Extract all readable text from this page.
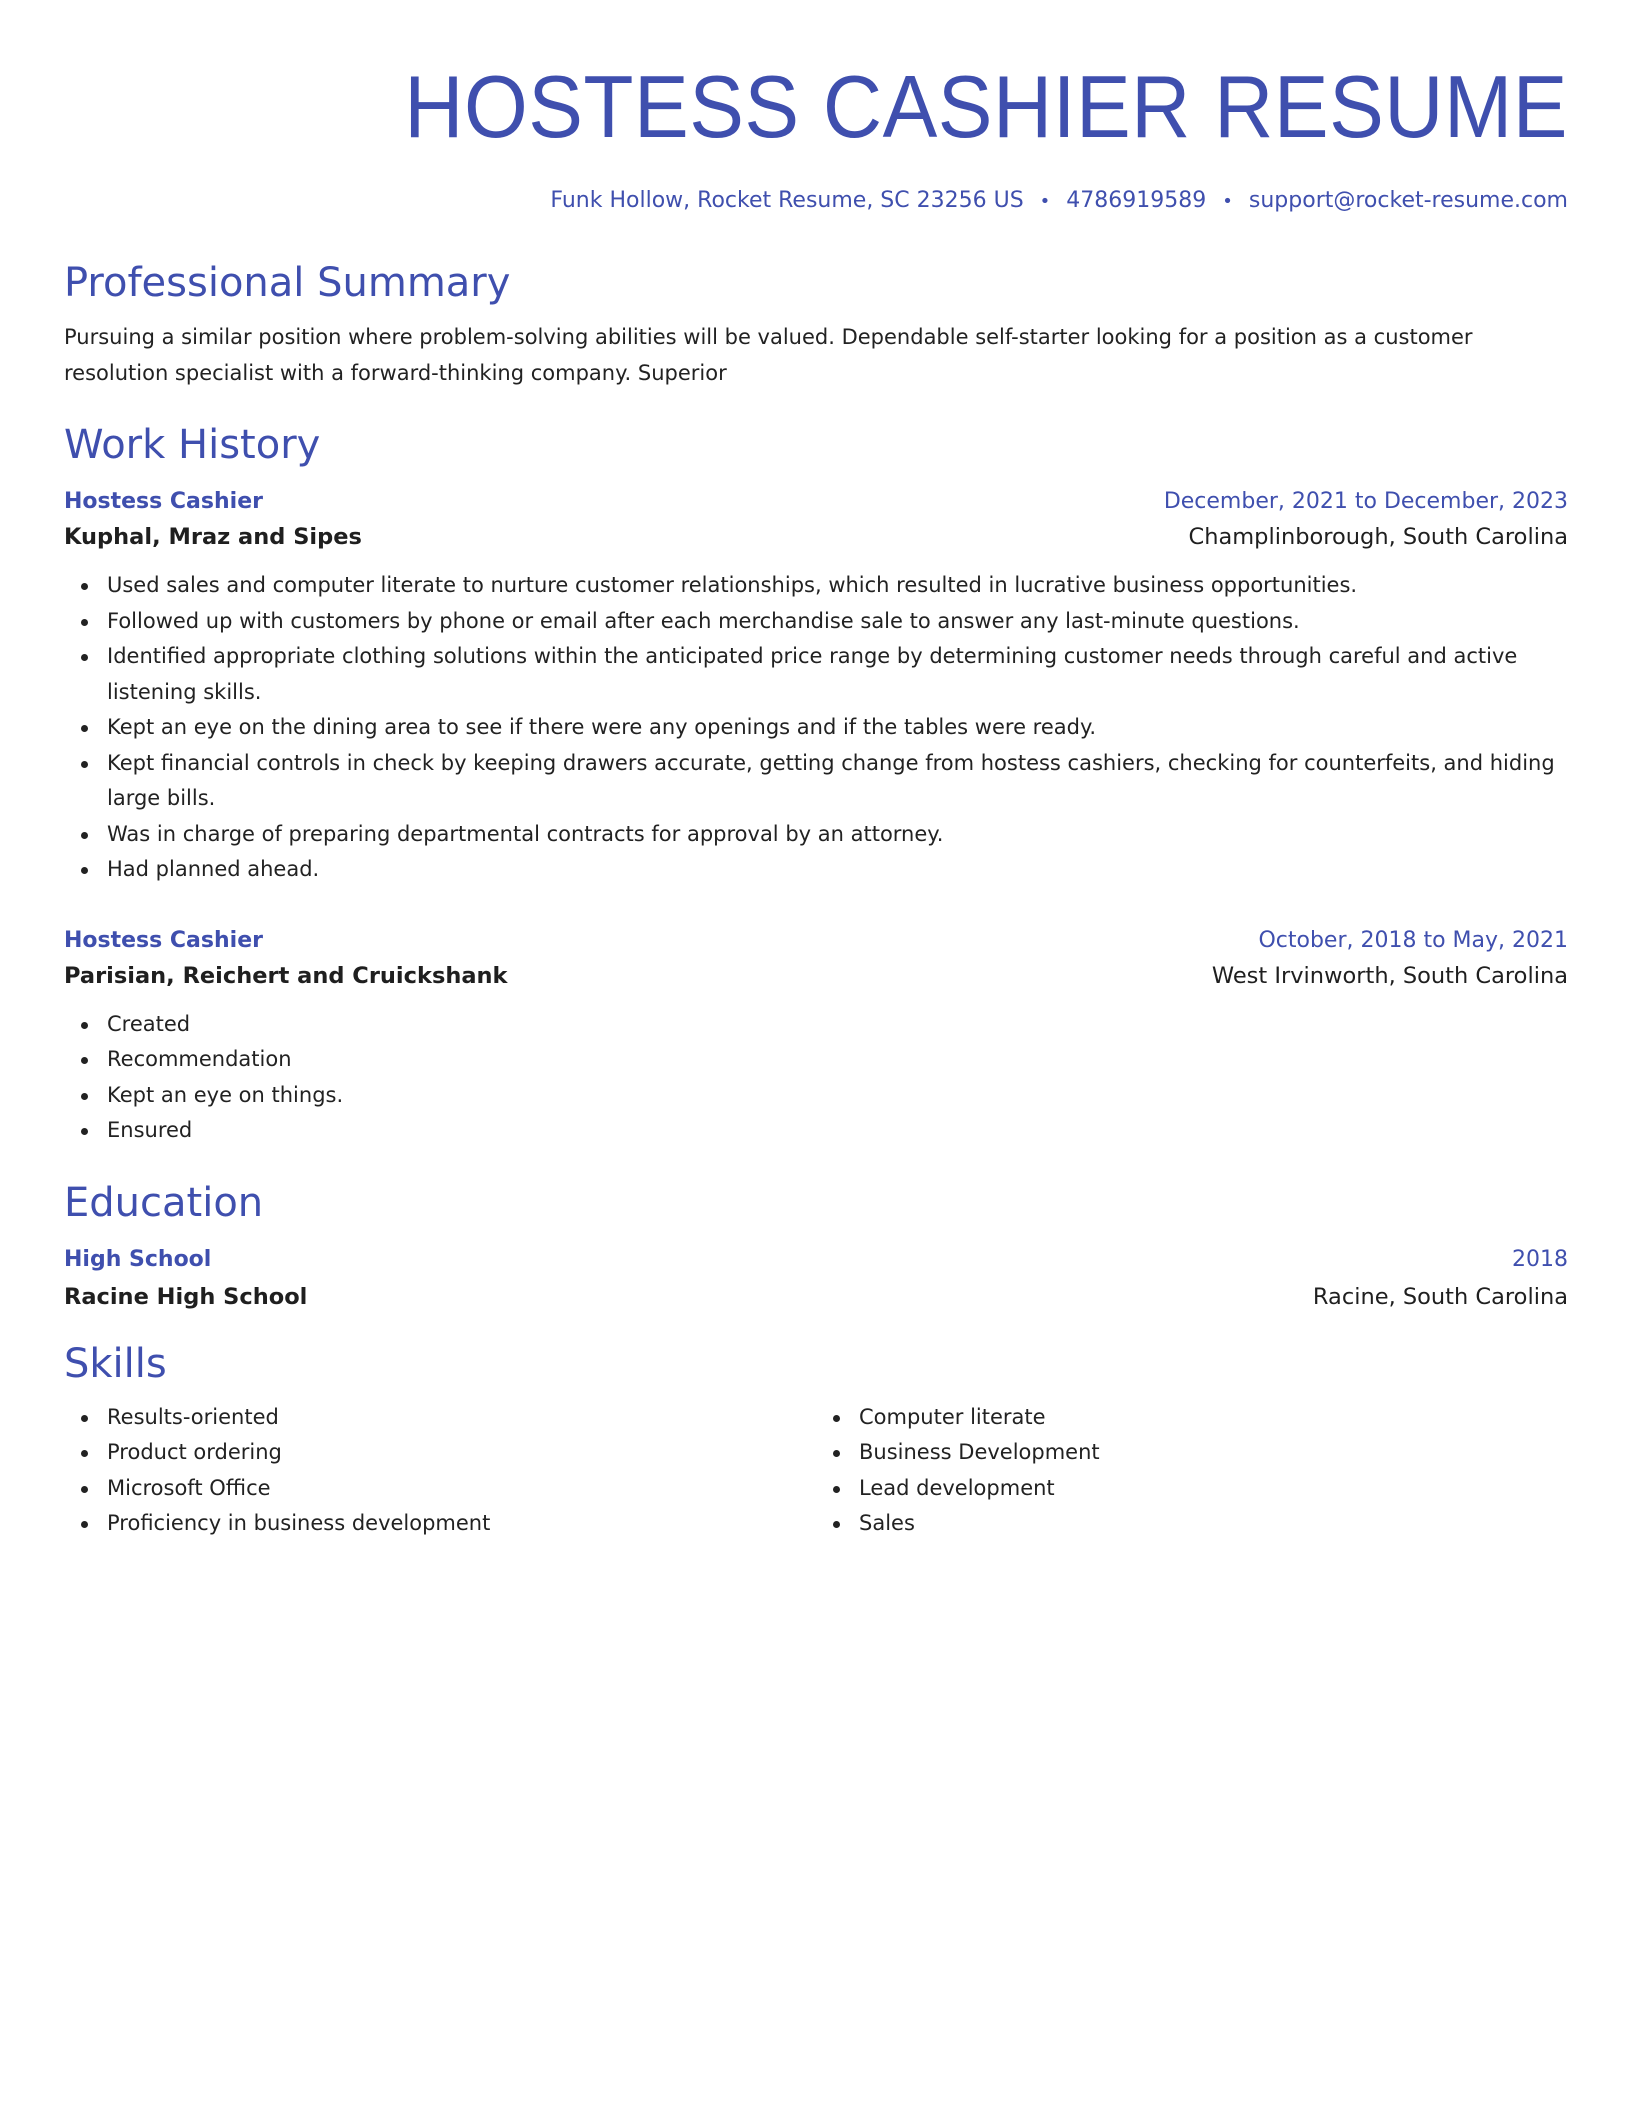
HOSTESS CASHIER RESUME
Funk Hollow, Rocket Resume, SC 23256 US • 4786919589 • support@rocket-resume.com
Professional Summary
Pursuing a similar position where problem-solving abilities will be valued. Dependable self-starter looking for a position as a customer resolution specialist with a forward-thinking company. Superior
Work History
Hostess Cashier	December, 2021 to December, 2023
Kuphal, Mraz and Sipes	Champlinborough, South Carolina
Used sales and computer literate to nurture customer relationships, which resulted in lucrative business opportunities.
Followed up with customers by phone or email after each merchandise sale to answer any last-minute questions.
Identified appropriate clothing solutions within the anticipated price range by determining customer needs through careful and active listening skills.
Kept an eye on the dining area to see if there were any openings and if the tables were ready.
Kept financial controls in check by keeping drawers accurate, getting change from hostess cashiers, checking for counterfeits, and hiding large bills.
Was in charge of preparing departmental contracts for approval by an attorney.
Had planned ahead.
Hostess Cashier	October, 2018 to May, 2021
Parisian, Reichert and Cruickshank	West Irvinworth, South Carolina
Created
Recommendation
Kept an eye on things.
Ensured
Education
High School	2018
Racine High School	Racine, South Carolina
Skills
Results-oriented
Product ordering
Microsoft Office
Proficiency in business development
Computer literate
Business Development
Lead development
Sales
